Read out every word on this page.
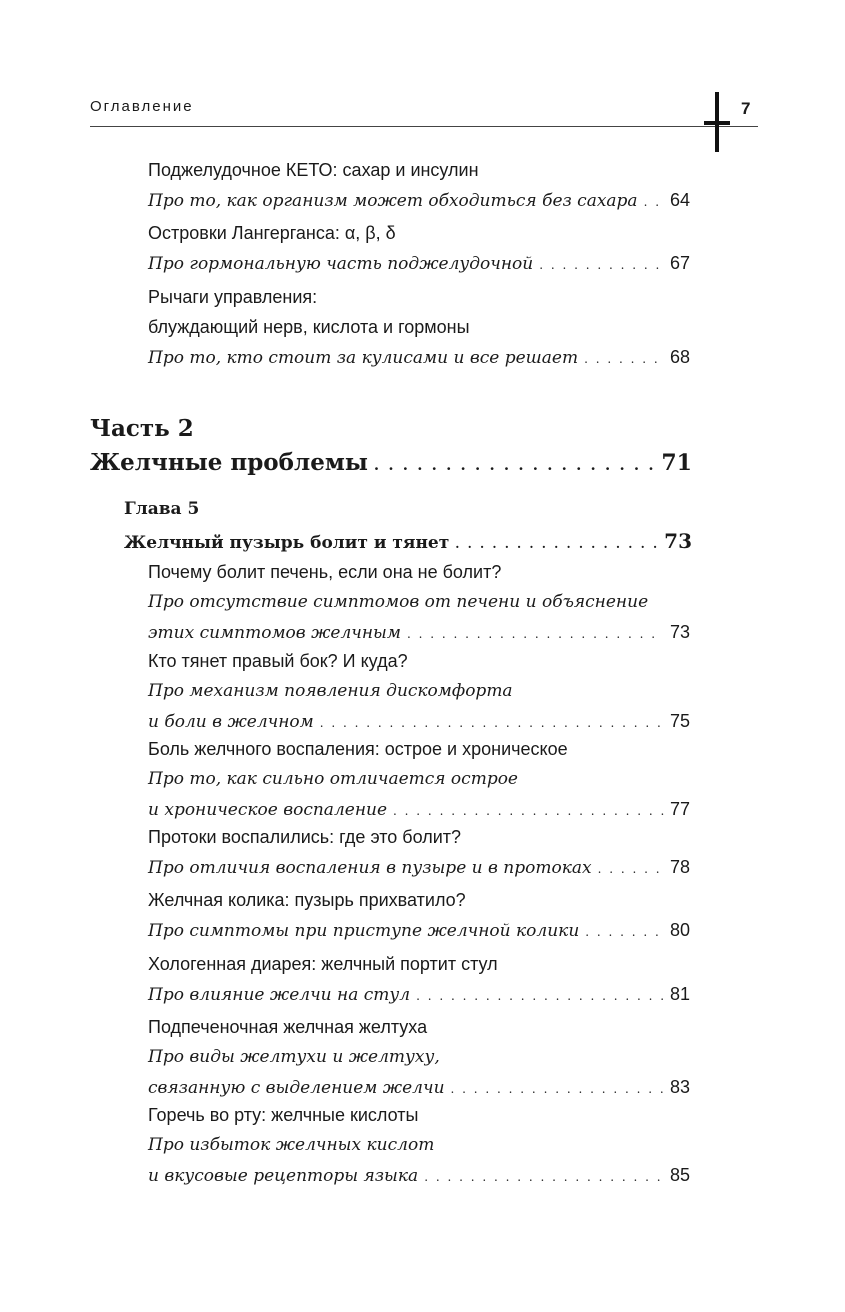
Оглавление	7
Поджелудочное КЕТО: сахар и инсулин
Про то, как организм может обходиться без сахара . . . 64
Островки Лангерганса: α, β, δ
Про гормональную часть поджелудочной . . .	67
Рычаги управления:
блуждающий нерв, кислота и гормоны
Про то, кто стоит за кулисами и все решает . . .	68
Часть 2
Желчные проблемы . . .	71
Глава 5
Желчный пузырь болит и тянет . . .	73
Почему болит печень, если она не болит?
Про отсутствие симптомов от печени и объяснение
этих симптомов желчным . . .	73
Кто тянет правый бок? И куда?
Про механизм появления дискомфорта
и боли в желчном . . .	75
Боль желчного воспаления: острое и хроническое
Про то, как сильно отличается острое
и хроническое воспаление . . .	77
Протоки воспалились: где это болит?
Про отличия воспаления в пузыре и в протоках . . .	78
Желчная колика: пузырь прихватило?
Про симптомы при приступе желчной колики . . .	80
Хологенная диарея: желчный портит стул
Про влияние желчи на стул . . .	81
Подпеченочная желчная желтуха
Про виды желтухи и желтуху,
связанную с выделением желчи . . .	83
Горечь во рту: желчные кислоты
Про избыток желчных кислот
и вкусовые рецепторы языка . . .	85
